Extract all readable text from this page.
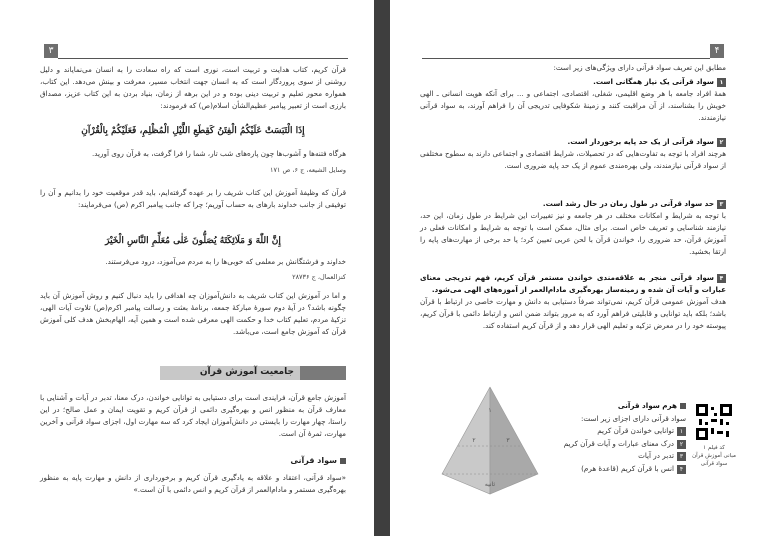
۳
قرآن کریم، کتاب هدایت و تربیت است، نوری است که راه سعادت را به انسان می‌نمایاند و دلیل روشنی از سوی پروردگار است که به انسان جهت انتخاب مسیر، معرفت و بینش می‌دهد. این کتاب، همواره محور تعلیم و تربیت دینی بوده و در این برهه از زمان، بنیاد بردن به این کتاب عزیز، مصداق بارزی است از تعبیر پیامبر عظیم‌الشأن اسلام(ص) که فرمودند:
إِذَا الْتَبَسَتْ عَلَیْکُمُ الْفِتَنُ کَقِطَعِ اللَّیْلِ الْمُظْلِمِ، فَعَلَیْکُمْ بِالْقُرْآنِ
هرگاه فتنه‌ها و آشوب‌ها چون پاره‌های شب تار، شما را فرا گرفت، به قرآن روی آورید.
وسایل الشیعه، ج ۶، ص ۱۷۱
قرآن که وظیفهٔ آموزش این کتاب شریف را بر عهده گرفته‌ایم، باید قدر موقعیت خود را بدانیم و آن را توفیقی از جانب خداوند بارهای به حساب آوریم؛ چرا که جانب پیامبر اکرم (ص) می‌فرمایند:
إِنَّ اللّٰهَ وَ مَلَائِکَتَهُ یُصَلُّونَ عَلٰی مُعَلِّمِ النَّاسِ الْخَیْرَ
خداوند و فرشتگانش بر معلمی که خوبی‌ها را به مردم می‌آموزد، درود می‌فرستند.
کنزالعمال، ج ۲۸۷۳۶
و اما در آموزش این کتاب شریف به دانش‌آموزان چه اهدافی را باید دنبال کنیم و روش آموزش آن باید چگونه باشد؟ در آیهٔ دوم سورهٔ مبارکهٔ جمعه، برنامهٔ بعثت و رسالت پیامبر اکرم(ص) تلاوت آیات الهی، تزکیهٔ مردم، تعلیم کتاب خدا و حکمت الهی معرفی شده است و همین آیه، الهام‌بخش هدف کلی آموزش قرآن که آموزش جامع است، می‌باشد.
جامعیت آموزش قرآن
آموزش جامع قرآن، فرایندی است برای دستیابی به توانایی خواندن، درک معنا، تدبر در آیات و آشنایی با معارف قرآن به منظور انس و بهره‌گیری دائمی از قرآن کریم و تقویت ایمان و عمل صالح؛ در این راستا، چهار مهارت را بایستی در دانش‌آموزان ایجاد کرد که سه مهارت اول، اجزای سواد قرآنی و آخرین مهارت، ثمرهٔ آن است.
سواد قرآنی
«سواد قرآنی، اعتقاد و علاقه به یادگیری قرآن کریم و برخورداری از دانش و مهارت پایه به منظور بهره‌گیری مستمر و مادام‌العمر از قرآن کریم و انس دائمی با آن است.»
۴
مطابق این تعریف سواد قرآنی دارای ویژگی‌های زیر است:

۱سواد قرآنی یک نیاز همگانی است.

همهٔ افراد جامعه با هر وضع اقلیمی، شغلی، اقتصادی، اجتماعی و ... برای آنکه هویت انسانی ـ الهی خویش را بشناسند، از آن مراقبت کنند و زمینهٔ شکوفایی تدریجی آن را فراهم آورند، به سواد قرآنی نیازمندند.

۲سواد قرآنی از یک حد پایه برخوردار است.

هرچند افراد با توجه به تفاوت‌هایی که در تحصیلات، شرایط اقتصادی و اجتماعی دارند به سطوح مختلفی از سواد قرآنی نیازمندند، ولی بهره‌مندی عموم از یک حد پایه ضروری است.

۳حد سواد قرآنی در طول زمان در حال رشد است.

با توجه به شرایط و امکانات مختلف در هر جامعه و نیز تغییرات این شرایط در طول زمان، این حد، نیازمند شناسایی و تعریف خاص است. برای مثال، ممکن است با توجه به شرایط و امکانات فعلی در آموزش قرآن، حد ضروری را، خواندن قرآن با لحن عربی تعیین کرد؛ یا حد برخی از مهارت‌های پایه را ارتقا بخشید.

۴سواد قرآنی منجر به علاقه‌مندی خواندن مستمر قرآن کریم، فهم تدریجی معنای عبارات و آیات آن شده و زمینه‌ساز بهره‌گیری مادام‌العمر از آموزه‌های الهی می‌شود.

هدف آموزش عمومی قرآن کریم، نمی‌تواند صرفاً دستیابی به دانش و مهارت خاصی در ارتباط با قرآن باشد؛ بلکه باید توانایی و قابلیتی فراهم آورد که به مرور بتواند ضمن انس و ارتباط دائمی با قرآن کریم، پیوسته خود را در معرض تزکیه و تعلیم الهی قرار دهد و از قرآن کریم استفاده کند.

۱
۲	۳
ثانیه
هرم سواد قرآنی
سواد قرآنی دارای اجزای زیر است:
۱توانایی خواندن قرآن کریم
۲درک معنای عبارات و آیات قرآن کریم
۳تدبر در آیات
۴انس با قرآن کریم (قاعدهٔ هرم)
کد فیلم ۱
مبانی آموزش قرآن
سواد قرآنی
